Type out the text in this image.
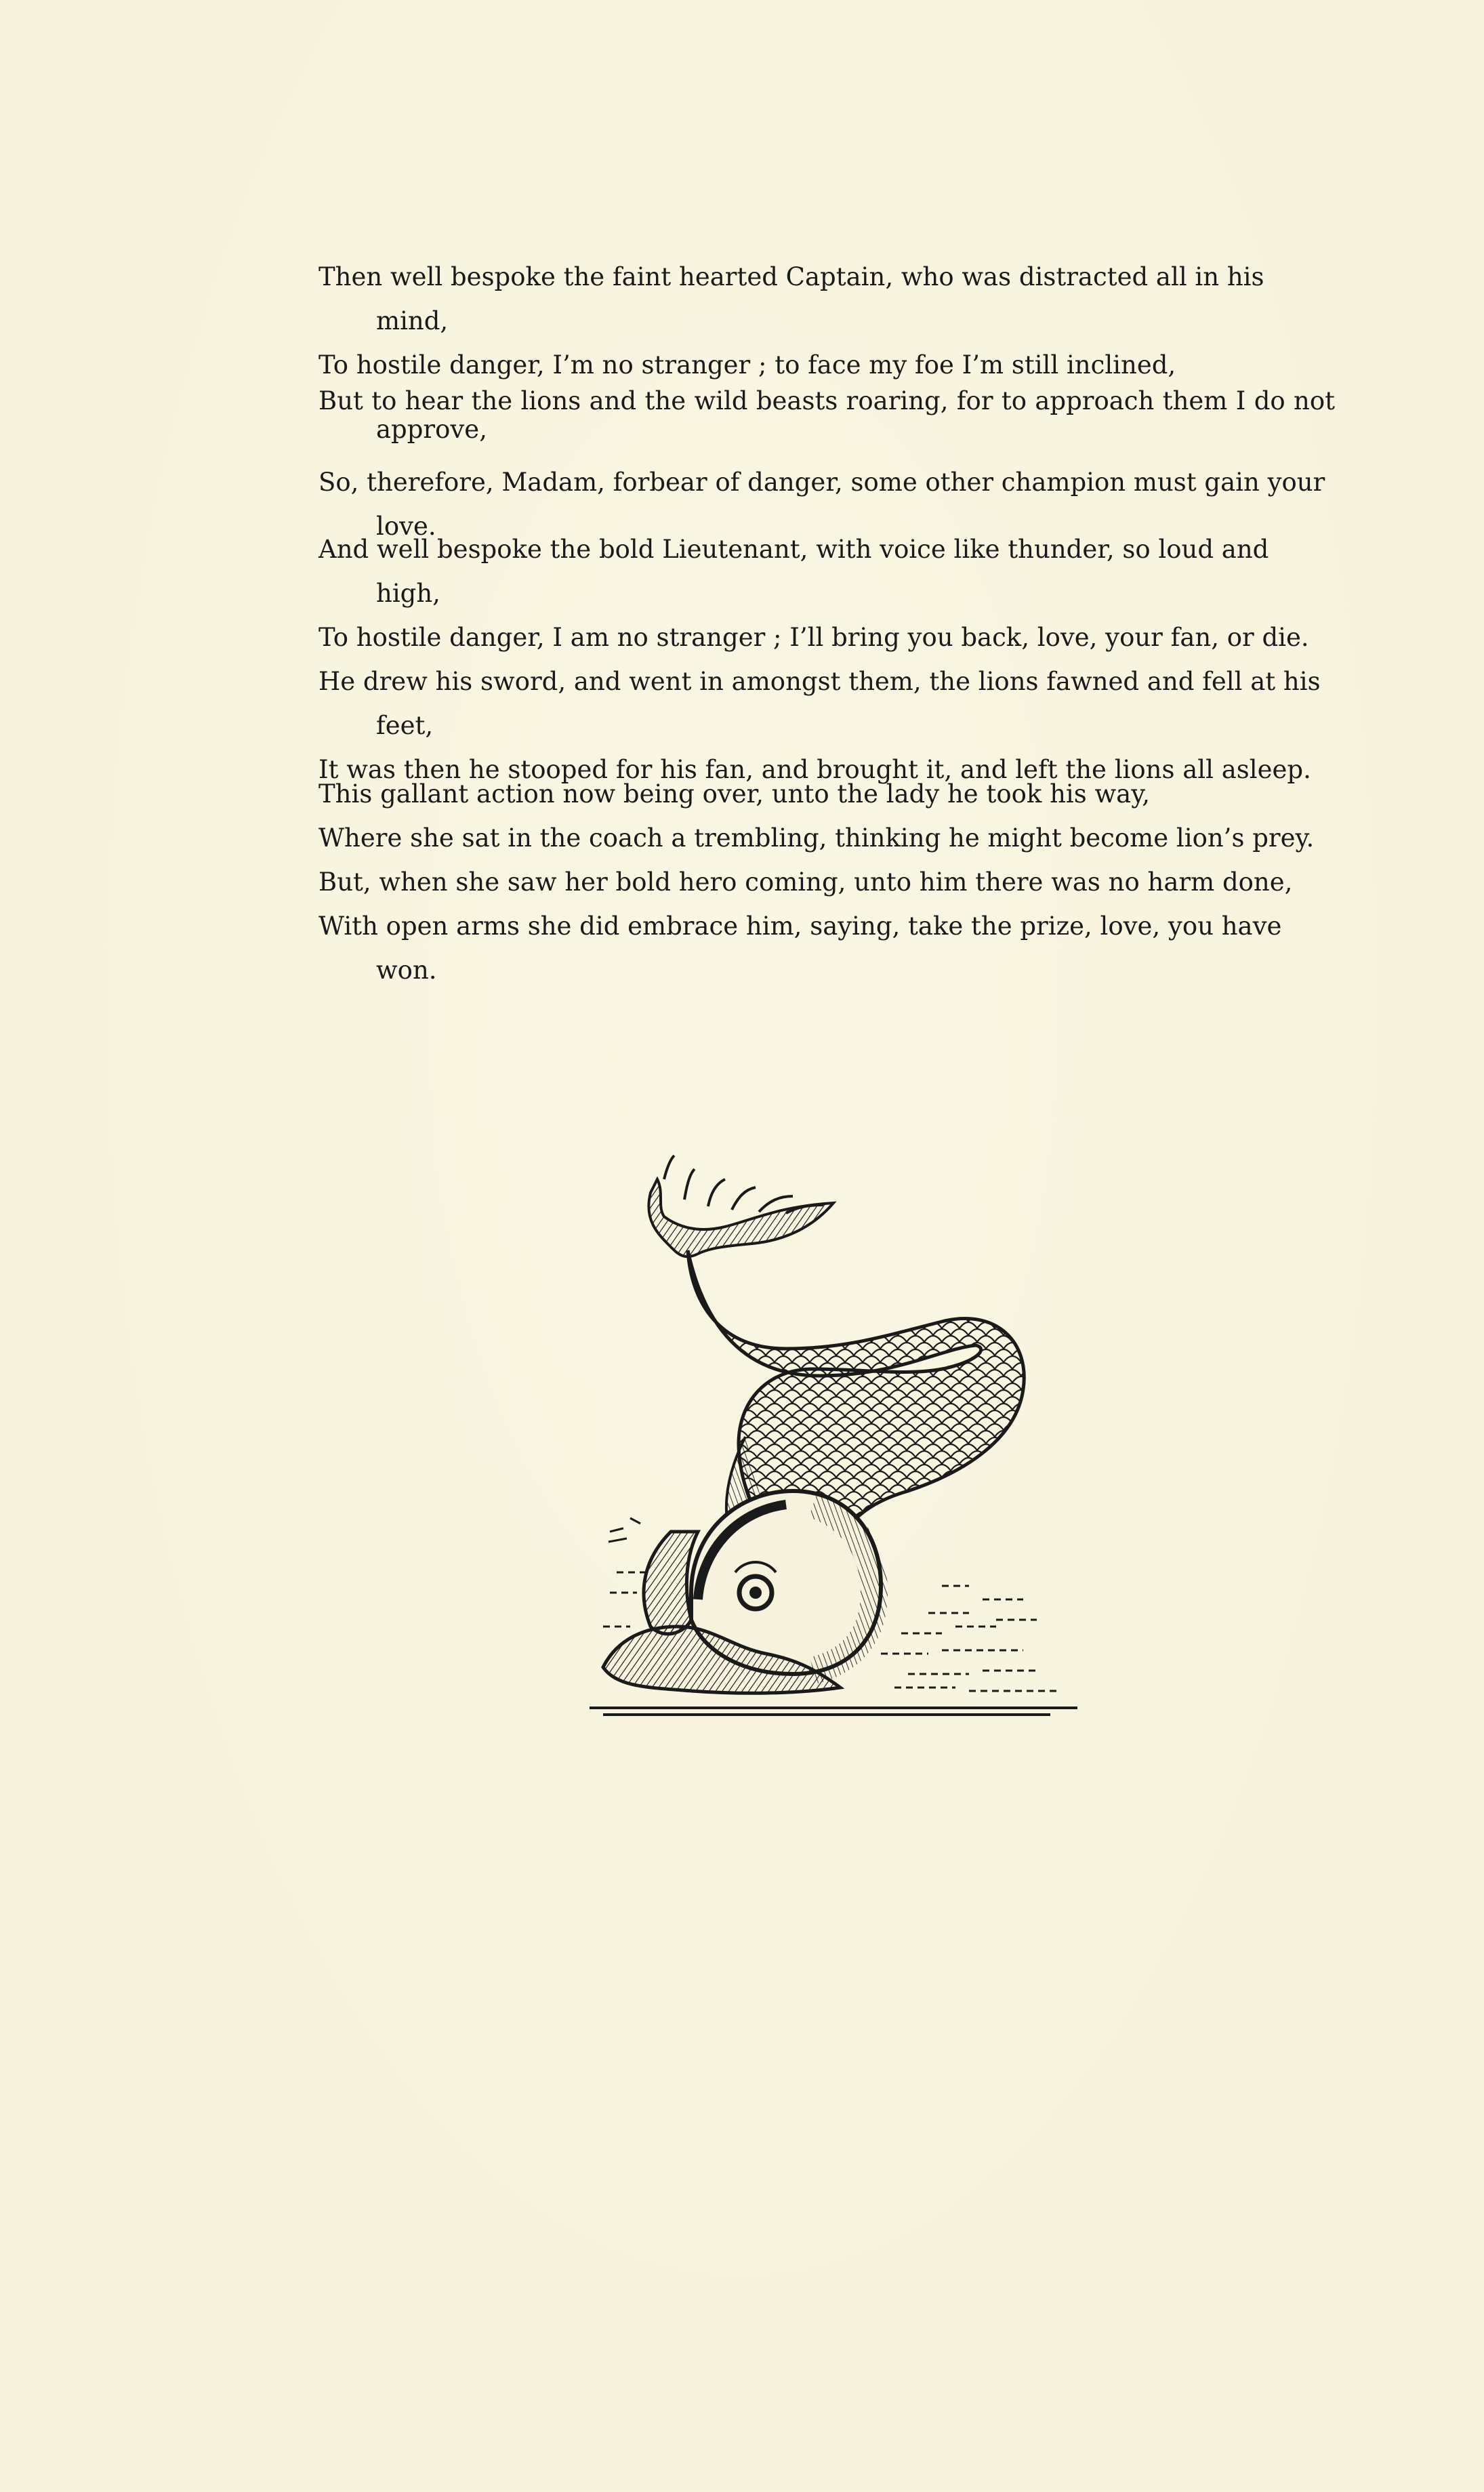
Then well bespoke the faint hearted Captain, who was distracted all in his mind,

To hostile danger, I’m no stranger ; to face my foe I’m still inclined,

But to hear the lions and the wild beasts roaring, for to approach them I do not approve,

So, therefore, Madam, forbear of danger, some other champion must gain your love.

And well bespoke the bold Lieutenant, with voice like thunder, so loud and high,

To hostile danger, I am no stranger ; I’ll bring you back, love, your fan, or die.

He drew his sword, and went in amongst them, the lions fawned and fell at his feet,

It was then he stooped for his fan, and brought it, and left the lions all asleep.

This gallant action now being over, unto the lady he took his way,

Where she sat in the coach a trembling, thinking he might become lion’s prey.

But, when she saw her bold hero coming, unto him there was no harm done,

With open arms she did embrace him, saying, take the prize, love, you have won.
